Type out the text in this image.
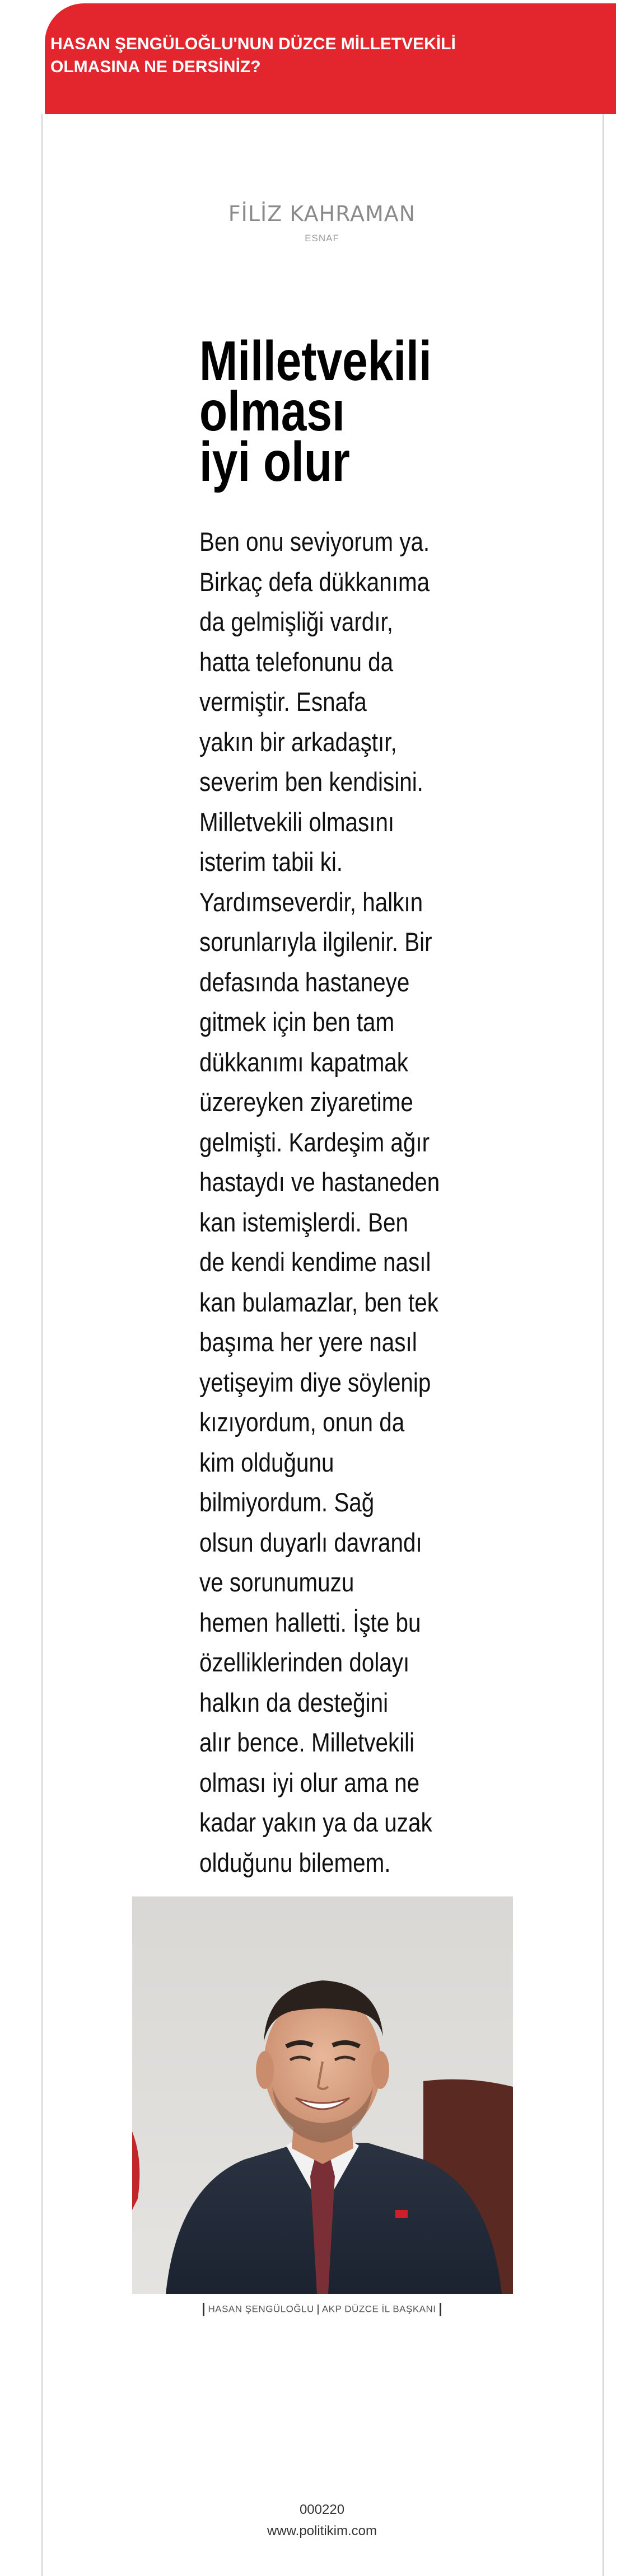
HASAN ŞENGÜLOĞLU'NUN DÜZCE MİLLETVEKİLİ
OLMASINA NE DERSİNİZ?
FİLİZ KAHRAMAN
ESNAF
Milletvekili
olması
iyi olur

Ben onu seviyorum ya.
Birkaç defa dükkanıma
da gelmişliği vardır,
hatta telefonunu da
vermiştir. Esnafa
yakın bir arkadaştır,
severim ben kendisini.
Milletvekili olmasını
isterim tabii ki.
Yardımseverdir, halkın
sorunlarıyla ilgilenir. Bir
defasında hastaneye
gitmek için ben tam
dükkanımı kapatmak
üzereyken ziyaretime
gelmişti. Kardeşim ağır
hastaydı ve hastaneden
kan istemişlerdi. Ben
de kendi kendime nasıl
kan bulamazlar, ben tek
başıma her yere nasıl
yetişeyim diye söylenip
kızıyordum, onun da
kim olduğunu
bilmiyordum. Sağ
olsun duyarlı davrandı
ve sorunumuzu
hemen halletti. İşte bu
özelliklerinden dolayı
halkın da desteğini
alır bence. Milletvekili
olması iyi olur ama ne
kadar yakın ya da uzak
olduğunu bilemem.

HASAN ŞENGÜLOĞLU AKP DÜZCE İL BAŞKANI
000220
www.politikim.com
